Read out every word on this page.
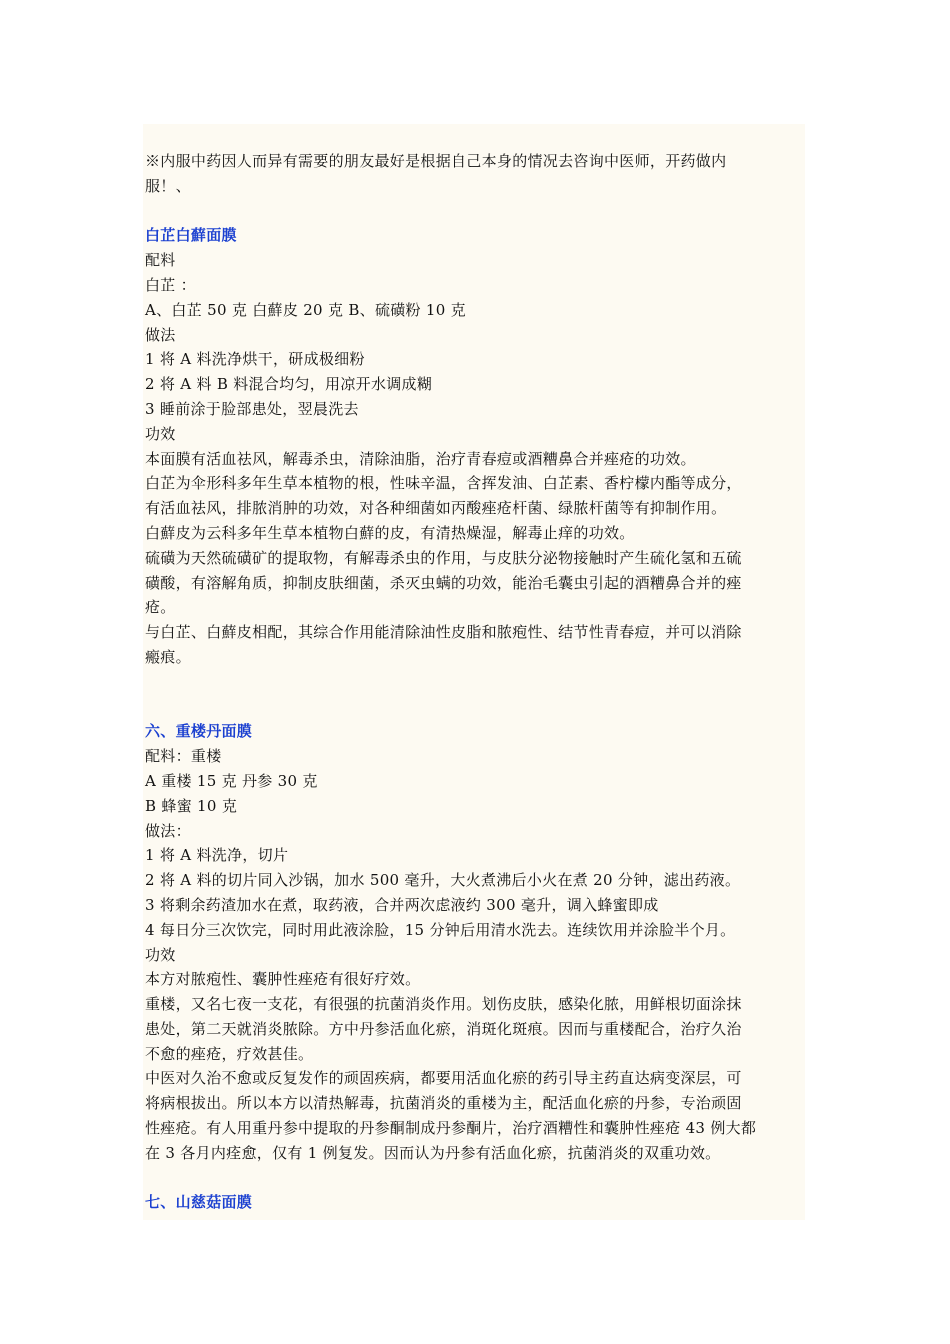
※内服中药因人而异有需要的朋友最好是根据自己本身的情况去咨询中医师，开药做内
服！、
白芷白蘚面膜
配料
白芷 ：
A、白芷 50 克 白蘚皮 20 克 B、硫磺粉 10 克
做法
1 将 A 料洗净烘干，研成极细粉
2 将 A 料 B 料混合均匀，用凉开水调成糊
3 睡前涂于脸部患处，翌晨洗去
功效
本面膜有活血祛风，解毒杀虫，清除油脂，治疗青春痘或酒糟鼻合并痤疮的功效。
白芷为伞形科多年生草本植物的根，性味辛温，含挥发油、白芷素、香柠檬内酯等成分，
有活血祛风，排脓消肿的功效，对各种细菌如丙酸痤疮杆菌、绿脓杆菌等有抑制作用。
白蘚皮为云科多年生草本植物白蘚的皮，有清热燥湿，解毒止痒的功效。
硫磺为天然硫磺矿的提取物，有解毒杀虫的作用，与皮肤分泌物接触时产生硫化氢和五硫
磺酸，有溶解角质，抑制皮肤细菌，杀灭虫螨的功效，能治毛囊虫引起的酒糟鼻合并的痤
疮。
与白芷、白蘚皮相配，其综合作用能清除油性皮脂和脓疱性、结节性青春痘，并可以消除
瘢痕。
六、重楼丹面膜
配料：重楼
A 重楼 15 克 丹参 30 克
B 蜂蜜 10 克
做法：
1 将 A 料洗净，切片
2 将 A 料的切片同入沙锅，加水 500 毫升，大火煮沸后小火在煮 20 分钟，滤出药液。
3 将剩余药渣加水在煮，取药液，合并两次虑液约 300 毫升，调入蜂蜜即成
4 每日分三次饮完，同时用此液涂脸，15 分钟后用清水洗去。连续饮用并涂脸半个月。
功效
本方对脓疱性、囊肿性痤疮有很好疗效。
重楼，又名七夜一支花，有很强的抗菌消炎作用。划伤皮肤，感染化脓，用鲜根切面涂抹
患处，第二天就消炎脓除。方中丹参活血化瘀，消斑化斑痕。因而与重楼配合，治疗久治
不愈的痤疮，疗效甚佳。
中医对久治不愈或反复发作的顽固疾病，都要用活血化瘀的药引导主药直达病变深层，可
将病根拔出。所以本方以清热解毒，抗菌消炎的重楼为主，配活血化瘀的丹参，专治顽固
性痤疮。有人用重丹参中提取的丹参酮制成丹参酮片，治疗酒糟性和囊肿性痤疮 43 例大都
在 3 各月内痊愈，仅有 1 例复发。因而认为丹参有活血化瘀，抗菌消炎的双重功效。
七、山慈菇面膜
